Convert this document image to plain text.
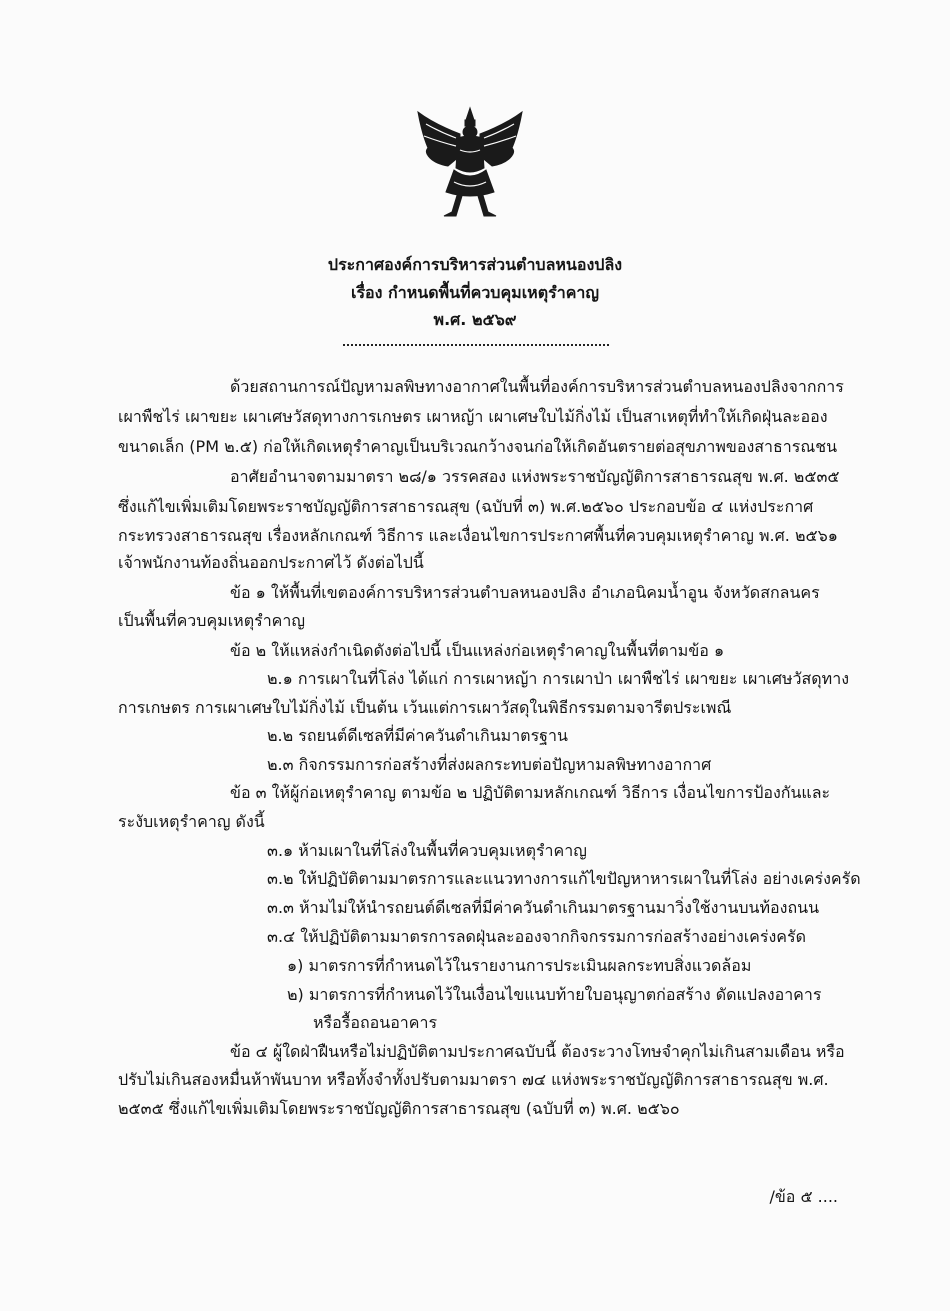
ประกาศองค์การบริหารส่วนตำบลหนองปลิง
เรื่อง กำหนดพื้นที่ควบคุมเหตุรำคาญ
พ.ศ. ๒๕๖๙
ด้วยสถานการณ์ปัญหามลพิษทางอากาศในพื้นที่องค์การบริหารส่วนตำบลหนองปลิงจากการ
เผาพืชไร่ เผาขยะ เผาเศษวัสดุทางการเกษตร เผาหญ้า เผาเศษใบไม้กิ่งไม้ เป็นสาเหตุที่ทำให้เกิดฝุ่นละออง
ขนาดเล็ก (PM ๒.๕) ก่อให้เกิดเหตุรำคาญเป็นบริเวณกว้างจนก่อให้เกิดอันตรายต่อสุขภาพของสาธารณชน
อาศัยอำนาจตามมาตรา ๒๘/๑ วรรคสอง แห่งพระราชบัญญัติการสาธารณสุข พ.ศ. ๒๕๓๕
ซึ่งแก้ไขเพิ่มเติมโดยพระราชบัญญัติการสาธารณสุข (ฉบับที่ ๓) พ.ศ.๒๕๖๐ ประกอบข้อ ๔ แห่งประกาศ
กระทรวงสาธารณสุข เรื่องหลักเกณฑ์ วิธีการ และเงื่อนไขการประกาศพื้นที่ควบคุมเหตุรำคาญ พ.ศ. ๒๕๖๑
เจ้าพนักงานท้องถิ่นออกประกาศไว้ ดังต่อไปนี้
ข้อ ๑ ให้พื้นที่เขตองค์การบริหารส่วนตำบลหนองปลิง อำเภอนิคมน้ำอูน จังหวัดสกลนคร
เป็นพื้นที่ควบคุมเหตุรำคาญ
ข้อ ๒ ให้แหล่งกำเนิดดังต่อไปนี้ เป็นแหล่งก่อเหตุรำคาญในพื้นที่ตามข้อ ๑
๒.๑ การเผาในที่โล่ง ได้แก่ การเผาหญ้า การเผาป่า เผาพืชไร่ เผาขยะ เผาเศษวัสดุทาง
การเกษตร การเผาเศษใบไม้กิ่งไม้ เป็นต้น เว้นแต่การเผาวัสดุในพิธีกรรมตามจารีตประเพณี
๒.๒ รถยนต์ดีเซลที่มีค่าควันดำเกินมาตรฐาน
๒.๓ กิจกรรมการก่อสร้างที่ส่งผลกระทบต่อปัญหามลพิษทางอากาศ
ข้อ ๓ ให้ผู้ก่อเหตุรำคาญ ตามข้อ ๒ ปฏิบัติตามหลักเกณฑ์ วิธีการ เงื่อนไขการป้องกันและ
ระงับเหตุรำคาญ ดังนี้
๓.๑ ห้ามเผาในที่โล่งในพื้นที่ควบคุมเหตุรำคาญ
๓.๒ ให้ปฏิบัติตามมาตรการและแนวทางการแก้ไขปัญหาหารเผาในที่โล่ง อย่างเคร่งครัด
๓.๓ ห้ามไม่ให้นำรถยนต์ดีเซลที่มีค่าควันดำเกินมาตรฐานมาวิ่งใช้งานบนท้องถนน
๓.๔ ให้ปฏิบัติตามมาตรการลดฝุ่นละอองจากกิจกรรมการก่อสร้างอย่างเคร่งครัด
๑) มาตรการที่กำหนดไว้ในรายงานการประเมินผลกระทบสิ่งแวดล้อม
๒) มาตรการที่กำหนดไว้ในเงื่อนไขแนบท้ายใบอนุญาตก่อสร้าง ดัดแปลงอาคาร
หรือรื้อถอนอาคาร
ข้อ ๔ ผู้ใดฝ่าฝืนหรือไม่ปฏิบัติตามประกาศฉบับนี้ ต้องระวางโทษจำคุกไม่เกินสามเดือน หรือ
ปรับไม่เกินสองหมื่นห้าพันบาท หรือทั้งจำทั้งปรับตามมาตรา ๗๔ แห่งพระราชบัญญัติการสาธารณสุข พ.ศ.
๒๕๓๕ ซึ่งแก้ไขเพิ่มเติมโดยพระราชบัญญัติการสาธารณสุข (ฉบับที่ ๓) พ.ศ. ๒๕๖๐
/ข้อ ๕ ....
